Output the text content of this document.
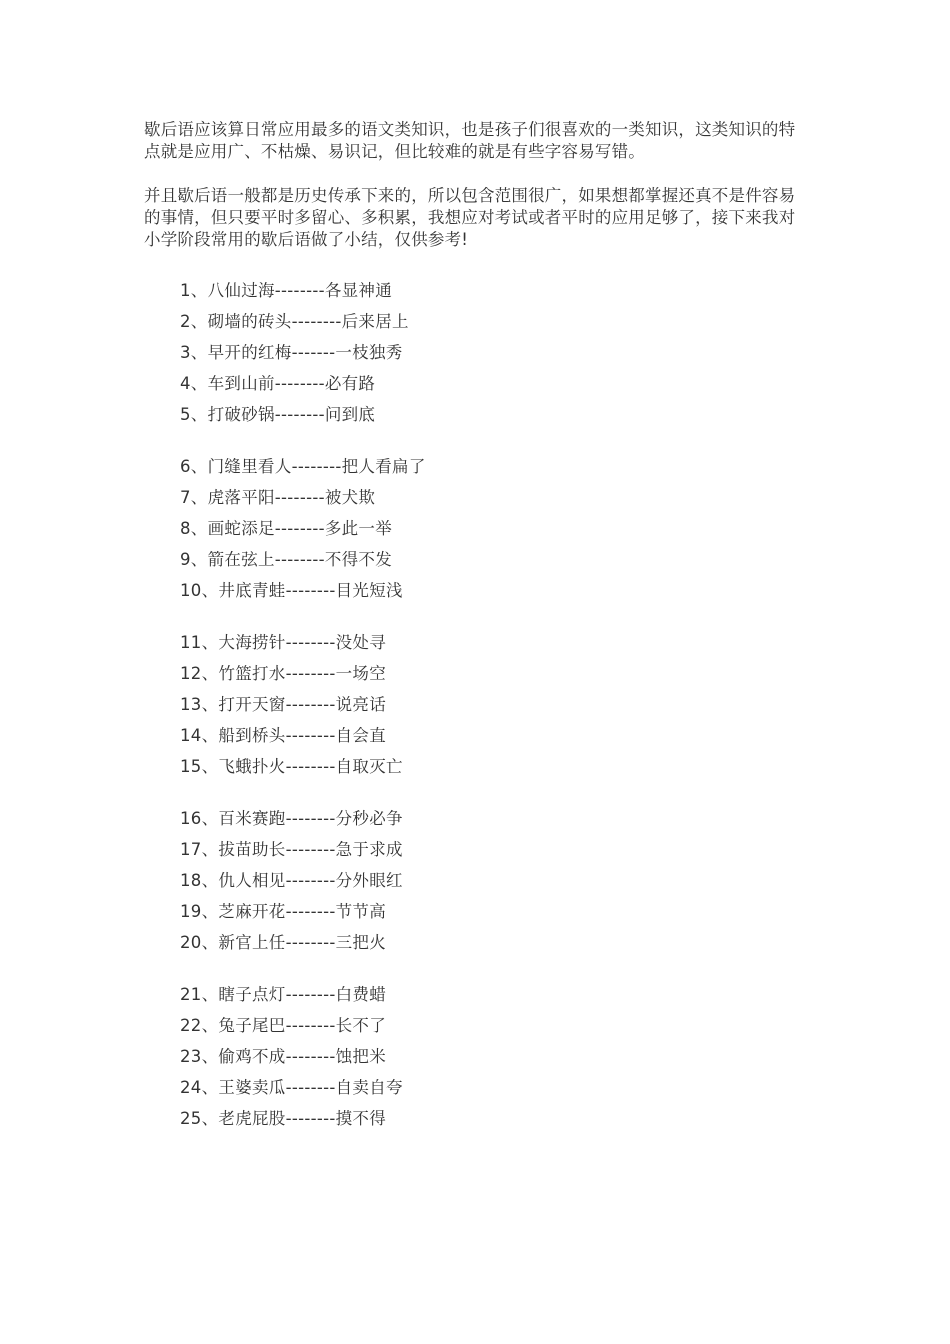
歇后语应该算日常应用最多的语文类知识，也是孩子们很喜欢的一类知识，这类知识的特点就是应用广、不枯燥、易识记，但比较难的就是有些字容易写错。

并且歇后语一般都是历史传承下来的，所以包含范围很广，如果想都掌握还真不是件容易的事情，但只要平时多留心、多积累，我想应对考试或者平时的应用足够了，接下来我对小学阶段常用的歇后语做了小结，仅供参考!

1、八仙过海--------各显神通
2、砌墙的砖头--------后来居上
3、早开的红梅-------一枝独秀
4、车到山前--------必有路
5、打破砂锅--------问到底
6、门缝里看人--------把人看扁了
7、虎落平阳--------被犬欺
8、画蛇添足--------多此一举
9、箭在弦上--------不得不发
10、井底青蛙--------目光短浅
11、大海捞针--------没处寻
12、竹篮打水--------一场空
13、打开天窗--------说亮话
14、船到桥头--------自会直
15、飞蛾扑火--------自取灭亡
16、百米赛跑--------分秒必争
17、拔苗助长--------急于求成
18、仇人相见--------分外眼红
19、芝麻开花--------节节高
20、新官上任--------三把火
21、瞎子点灯--------白费蜡
22、兔子尾巴--------长不了
23、偷鸡不成--------蚀把米
24、王婆卖瓜--------自卖自夸
25、老虎屁股--------摸不得
